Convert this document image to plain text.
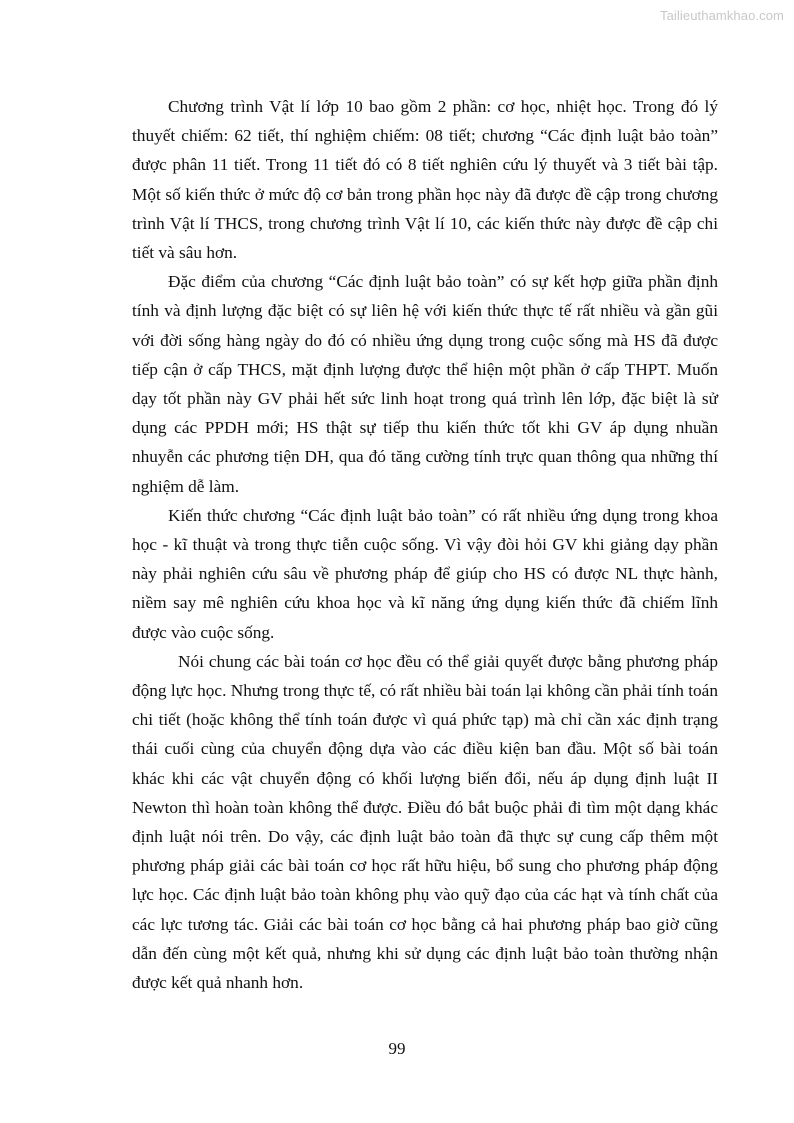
Tailieuthamkhao.com

Chương trình Vật lí lớp 10 bao gồm 2 phần: cơ học, nhiệt học. Trong đó lý thuyết chiếm: 62 tiết, thí nghiệm chiếm: 08 tiết; chương “Các định luật bảo toàn” được phân 11 tiết. Trong 11 tiết đó có 8 tiết nghiên cứu lý thuyết và 3 tiết bài tập. Một số kiến thức ở mức độ cơ bản trong phần học này đã được đề cập trong chương trình Vật lí THCS, trong chương trình Vật lí 10, các kiến thức này được đề cập chi tiết và sâu hơn.

Đặc điểm của chương “Các định luật bảo toàn” có sự kết hợp giữa phần định tính và định lượng đặc biệt có sự liên hệ với kiến thức thực tế rất nhiều và gần gũi với đời sống hàng ngày do đó có nhiều ứng dụng trong cuộc sống mà HS đã được tiếp cận ở cấp THCS, mặt định lượng được thể hiện một phần ở cấp THPT. Muốn dạy tốt phần này GV phải hết sức linh hoạt trong quá trình lên lớp, đặc biệt là sử dụng các PPDH mới; HS thật sự tiếp thu kiến thức tốt khi GV áp dụng nhuần nhuyễn các phương tiện DH, qua đó tăng cường tính trực quan thông qua những thí nghiệm dễ làm.

Kiến thức chương “Các định luật bảo toàn” có rất nhiều ứng dụng trong khoa học - kĩ thuật và trong thực tiễn cuộc sống. Vì vậy đòi hỏi GV khi giảng dạy phần này phải nghiên cứu sâu về phương pháp để giúp cho HS có được NL thực hành, niềm say mê nghiên cứu khoa học và kĩ năng ứng dụng kiến thức đã chiếm lĩnh được vào cuộc sống.

Nói chung các bài toán cơ học đều có thể giải quyết được bằng phương pháp động lực học. Nhưng trong thực tế, có rất nhiều bài toán lại không cần phải tính toán chi tiết (hoặc không thể tính toán được vì quá phức tạp) mà chỉ cần xác định trạng thái cuối cùng của chuyển động dựa vào các điều kiện ban đầu. Một số bài toán khác khi các vật chuyển động có khối lượng biến đổi, nếu áp dụng định luật II Newton thì hoàn toàn không thể được. Điều đó bắt buộc phải đi tìm một dạng khác định luật nói trên. Do vậy, các định luật bảo toàn đã thực sự cung cấp thêm một phương pháp giải các bài toán cơ học rất hữu hiệu, bổ sung cho phương pháp động lực học. Các định luật bảo toàn không phụ vào quỹ đạo của các hạt và tính chất của các lực tương tác. Giải các bài toán cơ học bằng cả hai phương pháp bao giờ cũng dẫn đến cùng một kết quả, nhưng khi sử dụng các định luật bảo toàn thường nhận được kết quả nhanh hơn.

99
